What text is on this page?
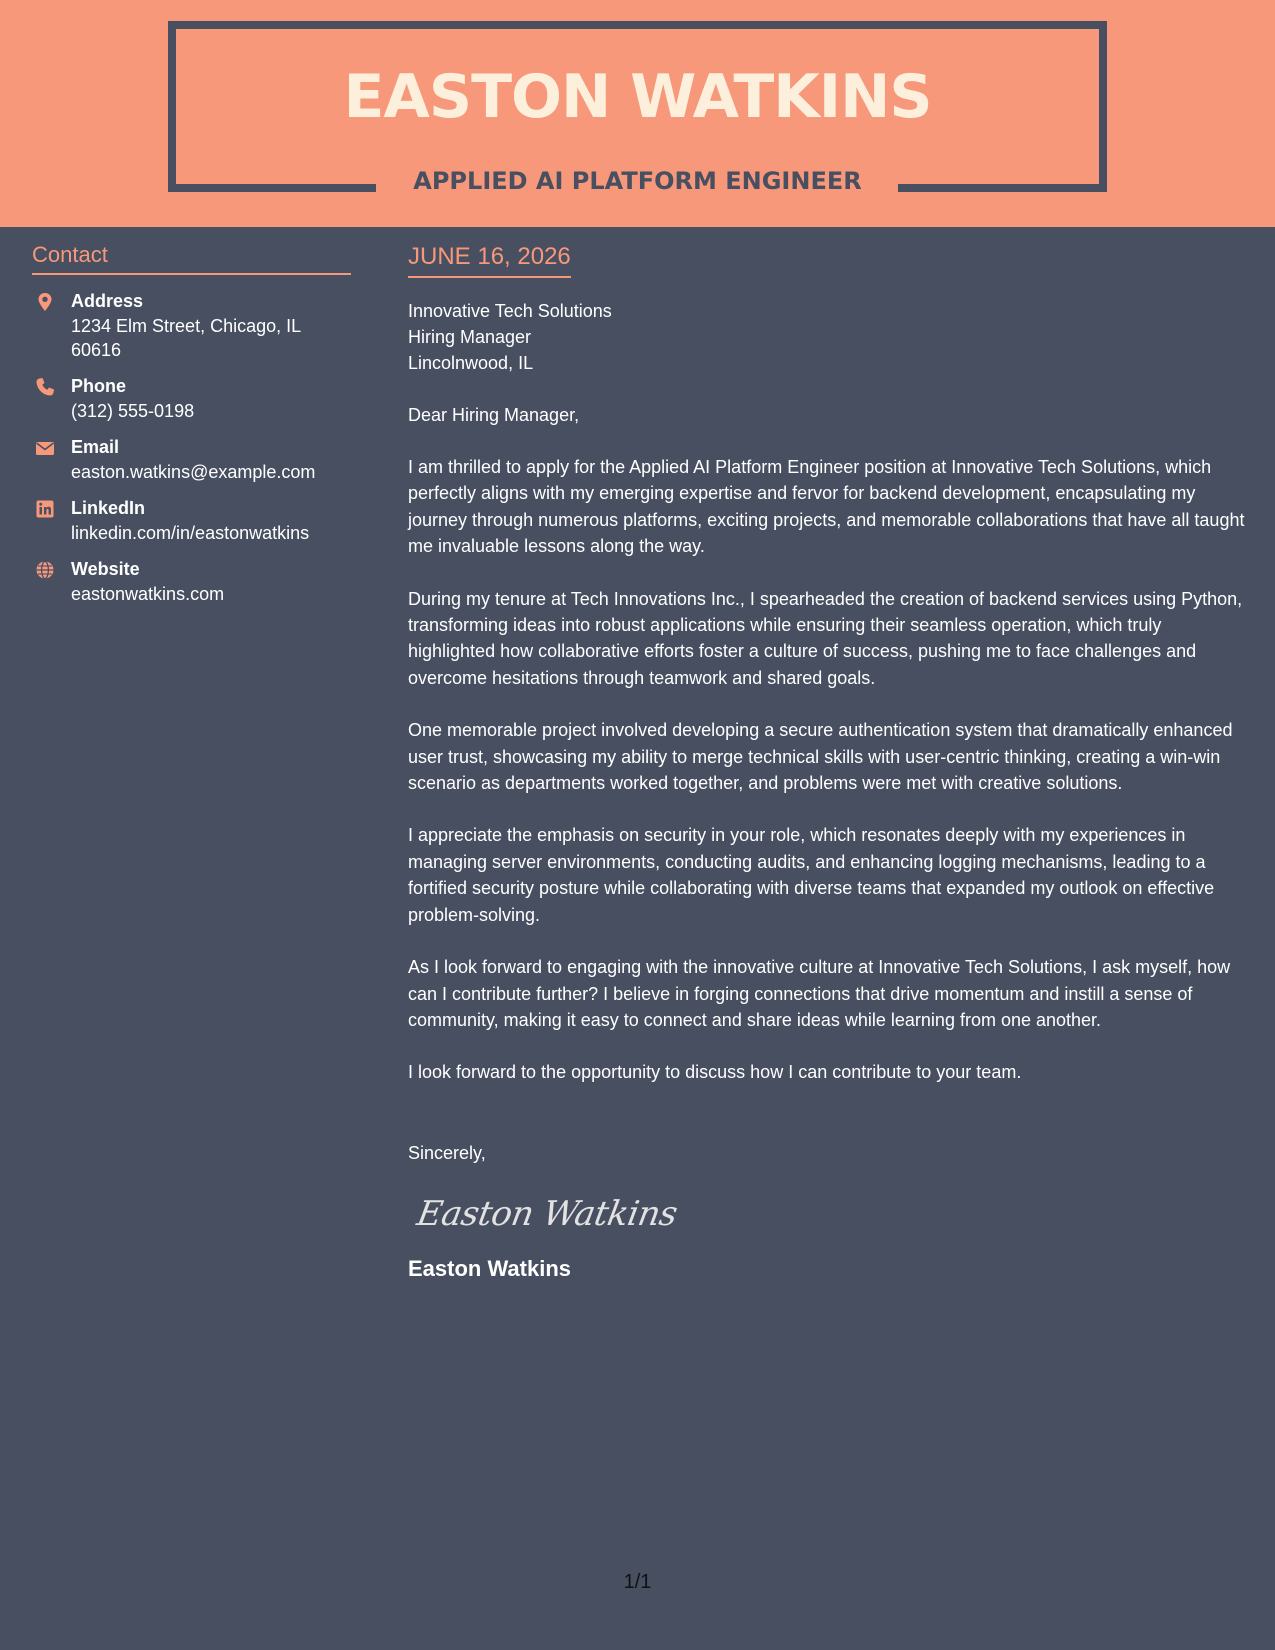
EASTON WATKINS
APPLIED AI PLATFORM ENGINEER
Contact
Address
1234 Elm Street, Chicago, IL 60616
Phone
(312) 555-0198
Email
easton.watkins@example.com
LinkedIn
linkedin.com/in/eastonwatkins
Website
eastonwatkins.com
JUNE 16, 2026
Innovative Tech Solutions
Hiring Manager
Lincolnwood, IL
Dear Hiring Manager,

I am thrilled to apply for the Applied AI Platform Engineer position at Innovative Tech Solutions, which perfectly aligns with my emerging expertise and fervor for backend development, encapsulating my journey through numerous platforms, exciting projects, and memorable collaborations that have all taught me invaluable lessons along the way.

During my tenure at Tech Innovations Inc., I spearheaded the creation of backend services using Python, transforming ideas into robust applications while ensuring their seamless operation, which truly highlighted how collaborative efforts foster a culture of success, pushing me to face challenges and overcome hesitations through teamwork and shared goals.

One memorable project involved developing a secure authentication system that dramatically enhanced user trust, showcasing my ability to merge technical skills with user-centric thinking, creating a win-win scenario as departments worked together, and problems were met with creative solutions.

I appreciate the emphasis on security in your role, which resonates deeply with my experiences in managing server environments, conducting audits, and enhancing logging mechanisms, leading to a fortified security posture while collaborating with diverse teams that expanded my outlook on effective problem-solving.

As I look forward to engaging with the innovative culture at Innovative Tech Solutions, I ask myself, how can I contribute further? I believe in forging connections that drive momentum and instill a sense of community, making it easy to connect and share ideas while learning from one another.

I look forward to the opportunity to discuss how I can contribute to your team.

Sincerely,
Easton Watkins
Easton Watkins
1/1
